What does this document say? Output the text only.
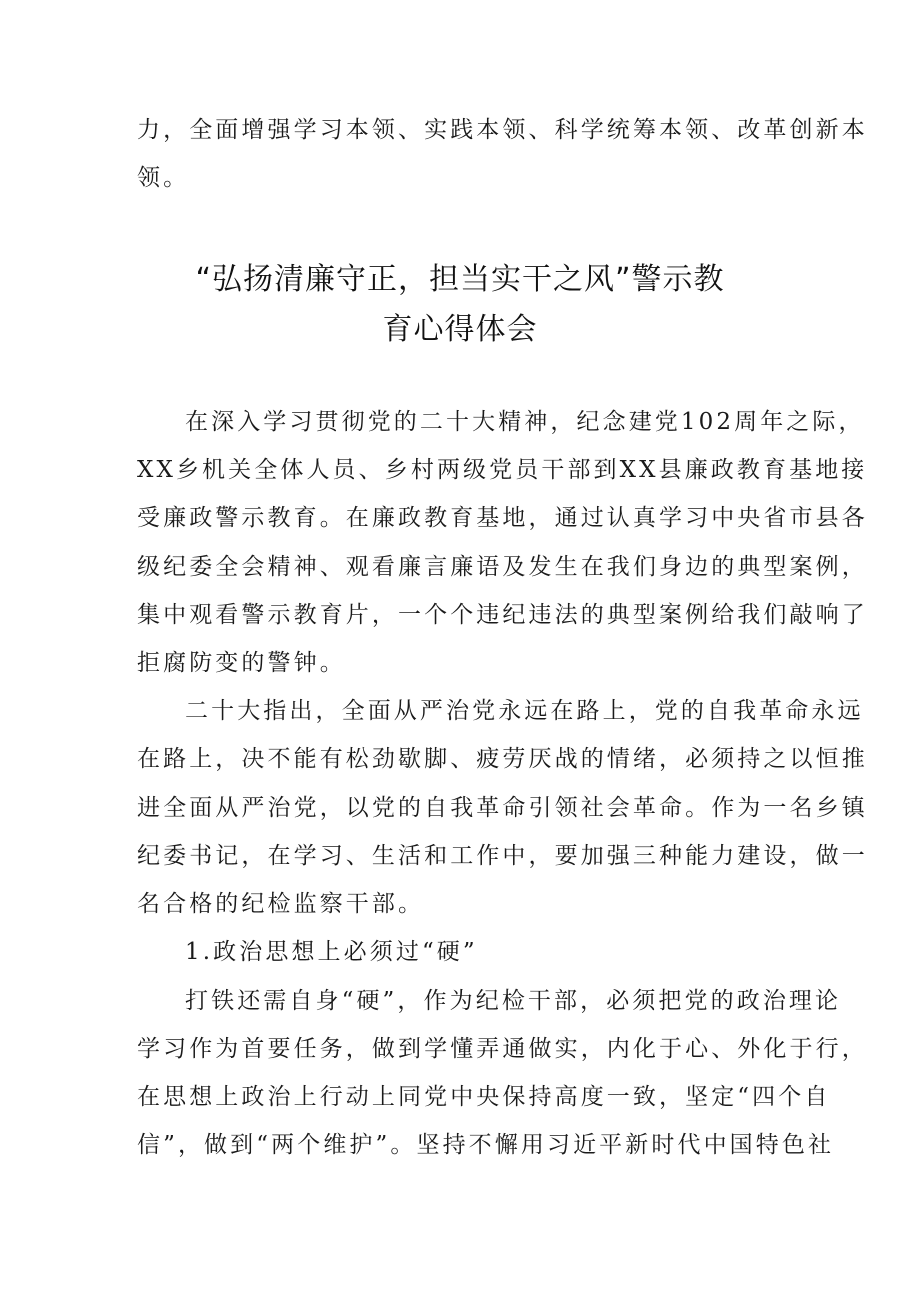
力，全面增强学习本领、实践本领、科学统筹本领、改革创新本
领。
“弘扬清廉守正，担当实干之风”警示教
育心得体会
在深入学习贯彻党的二十大精神，纪念建党102周年之际，
XX乡机关全体人员、乡村两级党员干部到XX县廉政教育基地接
受廉政警示教育。在廉政教育基地，通过认真学习中央省市县各
级纪委全会精神、观看廉言廉语及发生在我们身边的典型案例，
集中观看警示教育片，一个个违纪违法的典型案例给我们敲响了
拒腐防变的警钟。
二十大指出，全面从严治党永远在路上，党的自我革命永远
在路上，决不能有松劲歇脚、疲劳厌战的情绪，必须持之以恒推
进全面从严治党，以党的自我革命引领社会革命。作为一名乡镇
纪委书记，在学习、生活和工作中，要加强三种能力建设，做一
名合格的纪检监察干部。
1.政治思想上必须过“硬”
打铁还需自身“硬”，作为纪检干部，必须把党的政治理论
学习作为首要任务，做到学懂弄通做实，内化于心、外化于行，
在思想上政治上行动上同党中央保持高度一致，坚定“四个自
信”，做到“两个维护”。坚持不懈用习近平新时代中国特色社
